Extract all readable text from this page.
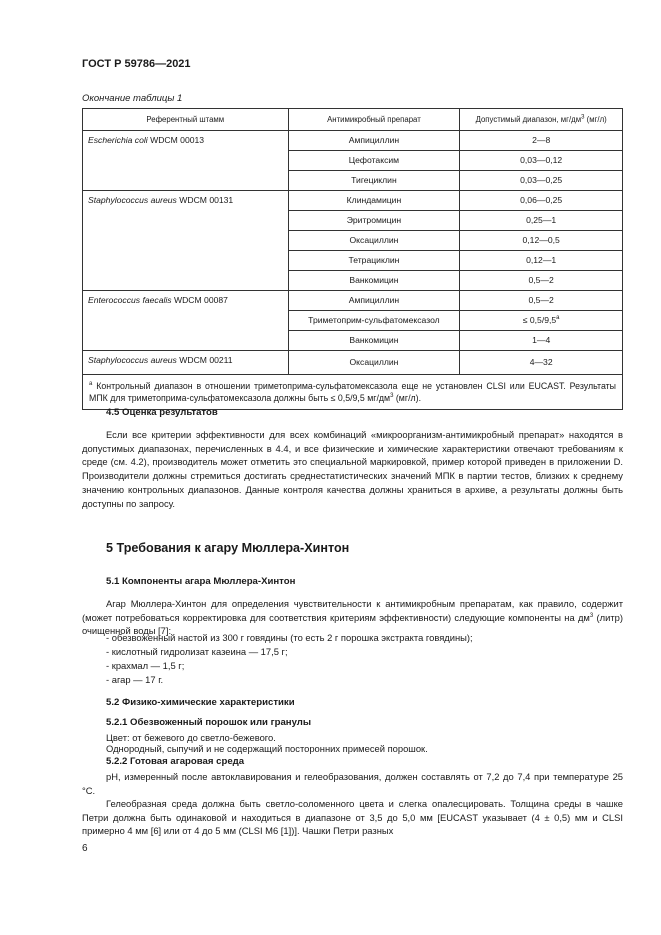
ГОСТ Р 59786—2021
Окончание таблицы 1
Референтный штамм	Антимикробный препарат	Допустимый диапазон, $мг/дм^3$ (мг/л)
Escherichia coli WDCM 00013	Ампициллин	2—8
	Цефотаксим	0,03—0,12
	Тигециклин	0,03—0,25
Staphylococcus aureus WDCM 00131	Клиндамицин	0,06—0,25
	Эритромицин	0,25—1
	Оксациллин	0,12—0,5
	Тетрациклин	0,12—1
	Ванкомицин	0,5—2
Enterococcus faecalis WDCM 00087	Ампициллин	0,5—2
	Триметоприм-сульфатомексазол	≤ 0,5/9,5$^a$
	Ванкомицин	1—4
Staphylococcus aureus WDCM 00211	Оксациллин	4—32
$^a$ Контрольный диапазон в отношении триметоприма-сульфатомексазола еще не установлен CLSI или EUCAST. Результаты МПК для триметоприма-сульфатомексазола должны быть ≤ 0,5/9,5 $мг/дм^3$ (мг/л).		
4.5 Оценка результатов
Если все критерии эффективности для всех комбинаций «микроорганизм-антимикробный препарат» находятся в допустимых диапазонах, перечисленных в 4.4, и все физические и химические характеристики отвечают требованиям к среде (см. 4.2), производитель может отметить это специальной маркировкой, пример которой приведен в приложении D. Производители должны стремиться достигать среднестатистических значений МПК в партии тестов, близких к среднему значению контрольных диапазонов. Данные контроля качества должны храниться в архиве, а результаты должны быть доступны по запросу.
5 Требования к агару Мюллера-Хинтон
5.1 Компоненты агара Мюллера-Хинтон
Агар Мюллера-Хинтон для определения чувствительности к антимикробным препаратам, как правило, содержит (может потребоваться корректировка для соответствия критериям эффективности) следующие компоненты на $дм^3$ (литр) очищенной воды [7]:
- обезвоженный настой из 300 г говядины (то есть 2 г порошка экстракта говядины);
- кислотный гидролизат казеина — 17,5 г;
- крахмал — 1,5 г;
- агар — 17 г.
5.2 Физико-химические характеристики
5.2.1 Обезвоженный порошок или гранулы
Цвет: от бежевого до светло-бежевого.
Однородный, сыпучий и не содержащий посторонних примесей порошок.
5.2.2 Готовая агаровая среда
pH, измеренный после автоклавирования и гелеобразования, должен составлять от 7,2 до 7,4 при температуре 25 °С.
Гелеобразная среда должна быть светло-соломенного цвета и слегка опалесцировать. Толщина среды в чашке Петри должна быть одинаковой и находиться в диапазоне от 3,5 до 5,0 мм [EUCAST указывает (4 ± 0,5) мм и CLSI примерно 4 мм [6] или от 4 до 5 мм (CLSI M6 [1])]. Чашки Петри разных
6
